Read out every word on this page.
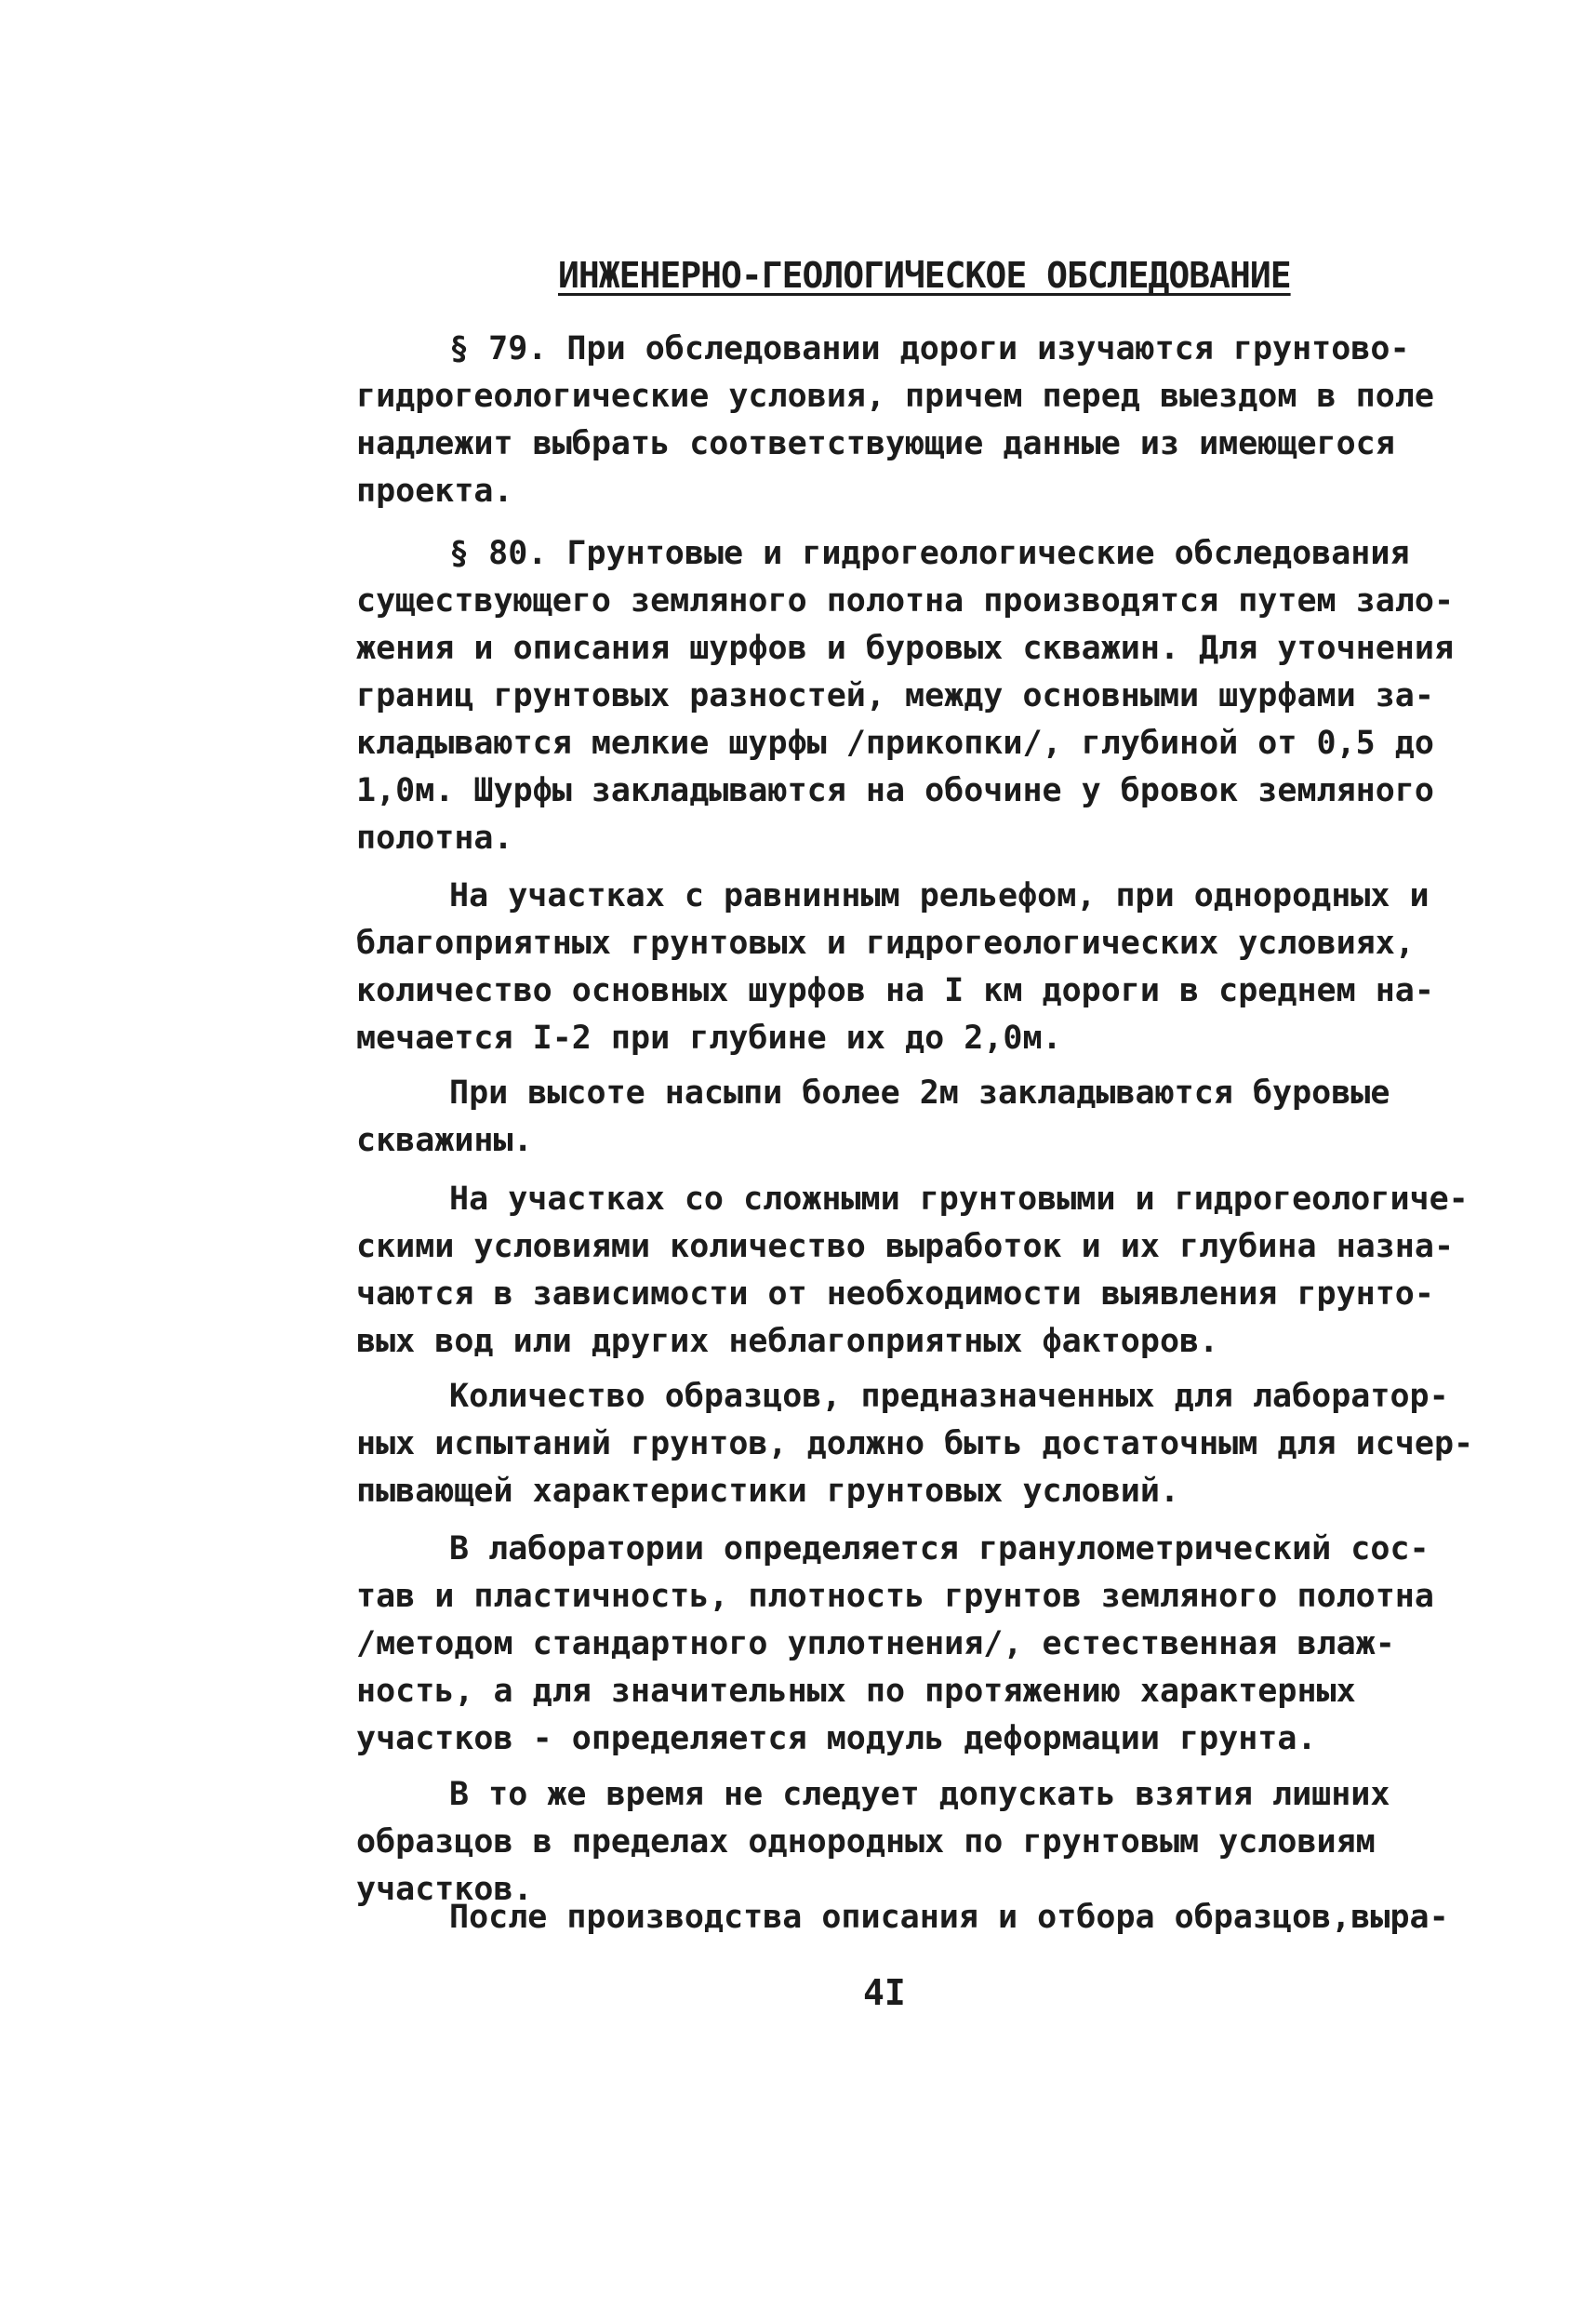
ИНЖЕНЕРНО-ГЕОЛОГИЧЕСКОЕ ОБСЛЕДОВАНИЕ
§ 79. При обследовании дороги изучаются грунтово-
гидрогеологические условия, причем перед выездом в поле
надлежит выбрать соответствующие данные из имеющегося
проекта.
§ 80. Грунтовые и гидрогеологические обследования
существующего земляного полотна производятся путем зало-
жения и описания шурфов и буровых скважин. Для уточнения
границ грунтовых разностей, между основными шурфами за-
кладываются мелкие шурфы /прикопки/, глубиной от 0,5 до
1,0м. Шурфы закладываются на обочине у бровок земляного
полотна.
На участках с равнинным рельефом, при однородных и
благоприятных грунтовых и гидрогеологических условиях,
количество основных шурфов на I км дороги в среднем на-
мечается I-2 при глубине их до 2,0м.
При высоте насыпи более 2м закладываются буровые
скважины.
На участках со сложными грунтовыми и гидрогеологиче-
скими условиями количество выработок и их глубина назна-
чаются в зависимости от необходимости выявления грунто-
вых вод или других неблагоприятных факторов.
Количество образцов, предназначенных для лаборатор-
ных испытаний грунтов, должно быть достаточным для исчер-
пывающей характеристики грунтовых условий.
В лаборатории определяется гранулометрический сос-
тав и пластичность, плотность грунтов земляного полотна
/методом стандартного уплотнения/, естественная влаж-
ность, а для значительных по протяжению характерных
участков - определяется модуль деформации грунта.
В то же время не следует допускать взятия лишних
образцов в пределах однородных по грунтовым условиям
участков.
После производства описания и отбора образцов,выра-
4I
